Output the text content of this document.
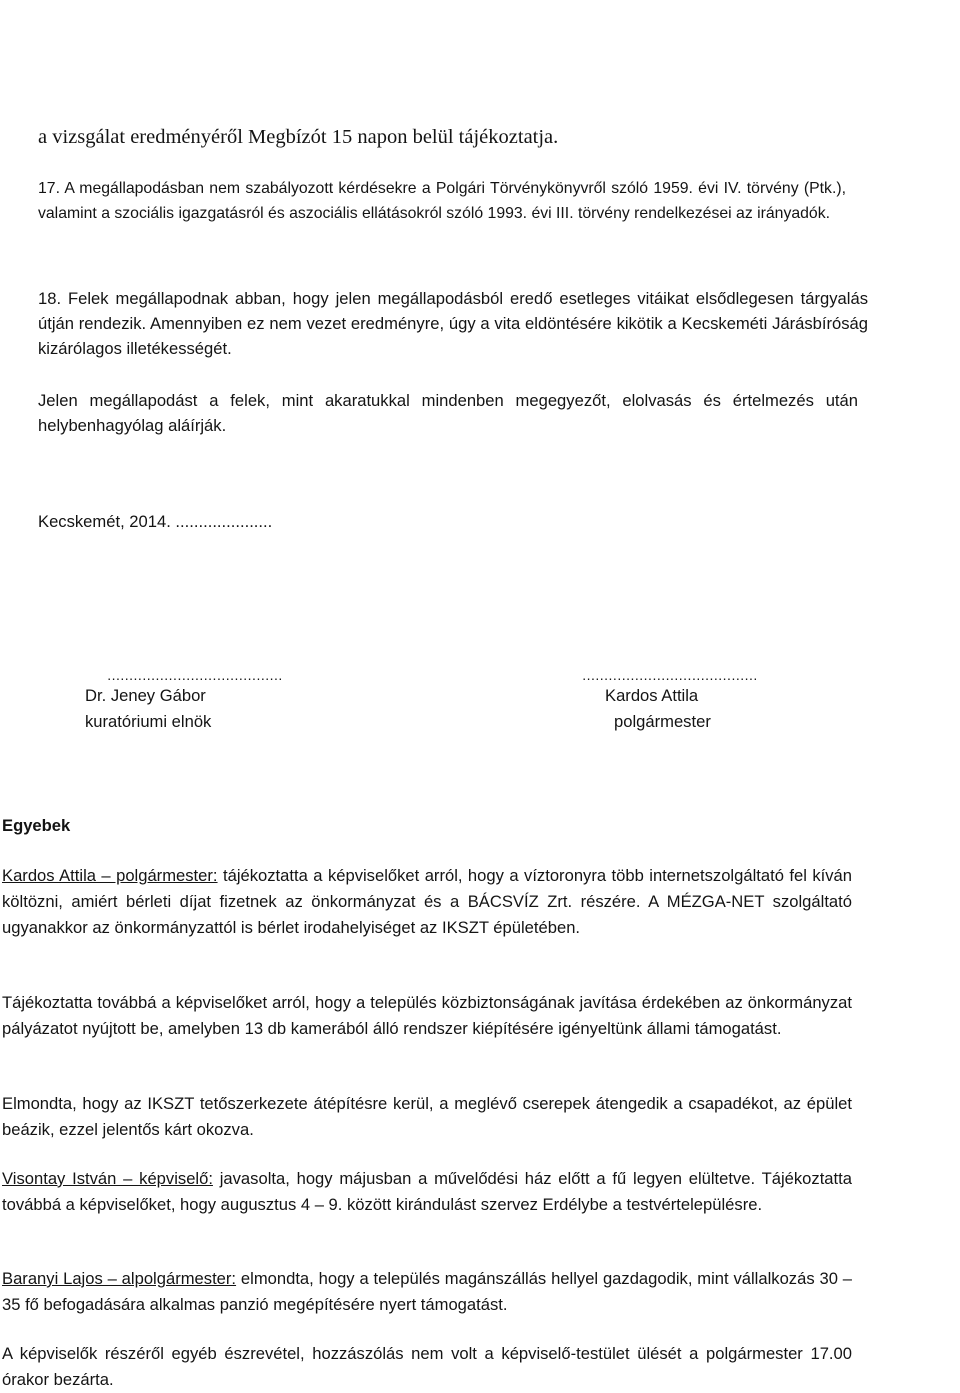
a vizsgálat eredményéről Megbízót 15 napon belül tájékoztatja.

17. A megállapodásban nem szabályozott kérdésekre a Polgári Törvénykönyvről szóló 1959. évi IV. törvény (Ptk.), valamint a szociális igazgatásról és aszociális ellátásokról szóló 1993. évi III. törvény rendelkezései az irányadók.

18. Felek megállapodnak abban, hogy jelen megállapodásból eredő esetleges vitáikat elsődlegesen tárgyalás útján rendezik. Amennyiben ez nem vezet eredményre, úgy a vita eldöntésére kikötik a Kecskeméti Járásbíróság kizárólagos illetékességét.

Jelen megállapodást a felek, mint akaratukkal mindenben megegyezőt, elolvasás és értelmezés után helybenhagyólag aláírják.

Kecskemét, 2014. .....................

........................................
Dr. Jeney Gábor
kuratóriumi elnök
........................................
Kardos Attila
polgármester
Egyebek

Kardos Attila – polgármester: tájékoztatta a képviselőket arról, hogy a víztoronyra több internetszolgáltató fel kíván költözni, amiért bérleti díjat fizetnek az önkormányzat és a BÁCSVÍZ Zrt. részére. A MÉZGA-NET szolgáltató ugyanakkor az önkormányzattól is bérlet irodahelyiséget az IKSZT épületében.

Tájékoztatta továbbá a képviselőket arról, hogy a település közbiztonságának javítása érdekében az önkormányzat pályázatot nyújtott be, amelyben 13 db kamerából álló rendszer kiépítésére igényeltünk állami támogatást.

Elmondta, hogy az IKSZT tetőszerkezete átépítésre kerül, a meglévő cserepek átengedik a csapadékot, az épület beázik, ezzel jelentős kárt okozva.

Visontay István – képviselő: javasolta, hogy májusban a művelődési ház előtt a fű legyen elültetve. Tájékoztatta továbbá a képviselőket, hogy augusztus 4 – 9. között kirándulást szervez Erdélybe a testvértelepülésre.

Baranyi Lajos – alpolgármester: elmondta, hogy a település magánszállás hellyel gazdagodik, mint vállalkozás 30 – 35 fő befogadására alkalmas panzió megépítésére nyert támogatást.

A képviselők részéről egyéb észrevétel, hozzászólás nem volt a képviselő-testület ülését a polgármester 17.00 órakor bezárta.
